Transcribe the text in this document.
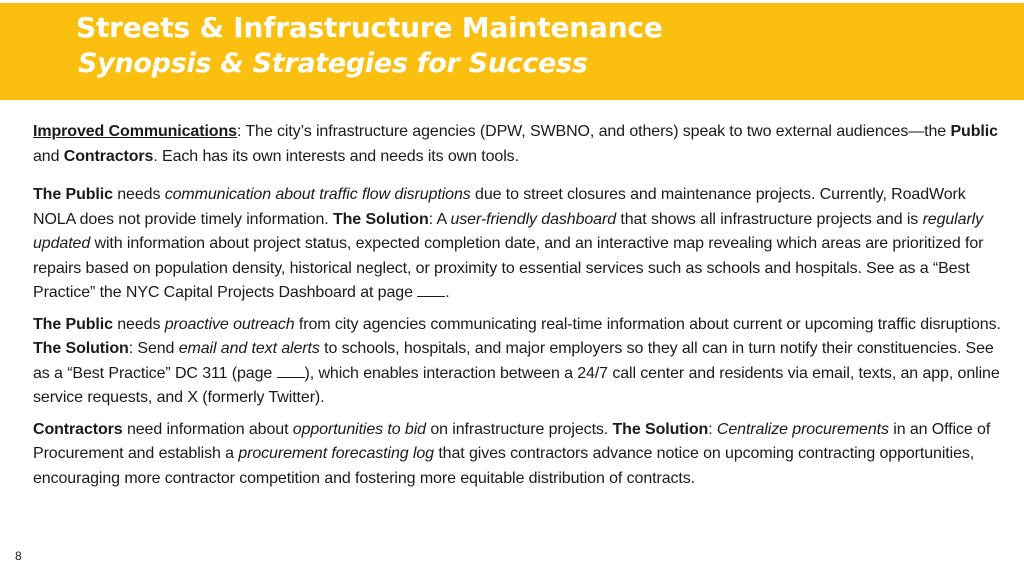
Streets & Infrastructure Maintenance
Synopsis & Strategies for Success

Improved Communications: The city’s infrastructure agencies (DPW, SWBNO, and others) speak to two external audiences—the Public and Contractors. Each has its own interests and needs its own tools.

The Public needs communication about traffic flow disruptions due to street closures and maintenance projects. Currently, RoadWork NOLA does not provide timely information. The Solution: A user-friendly dashboard that shows all infrastructure projects and is regularly updated with information about project status, expected completion date, and an interactive map revealing which areas are prioritized for repairs based on population density, historical neglect, or proximity to essential services such as schools and hospitals. See as a “Best Practice” the NYC Capital Projects Dashboard at page .

The Public needs proactive outreach from city agencies communicating real-time information about current or upcoming traffic disruptions. The Solution: Send email and text alerts to schools, hospitals, and major employers so they all can in turn notify their constituencies. See as a “Best Practice” DC 311 (page ), which enables interaction between a 24/7 call center and residents via email, texts, an app, online service requests, and X (formerly Twitter).

Contractors need information about opportunities to bid on infrastructure projects. The Solution: Centralize procurements in an Office of Procurement and establish a procurement forecasting log that gives contractors advance notice on upcoming contracting opportunities, encouraging more contractor competition and fostering more equitable distribution of contracts.

8
